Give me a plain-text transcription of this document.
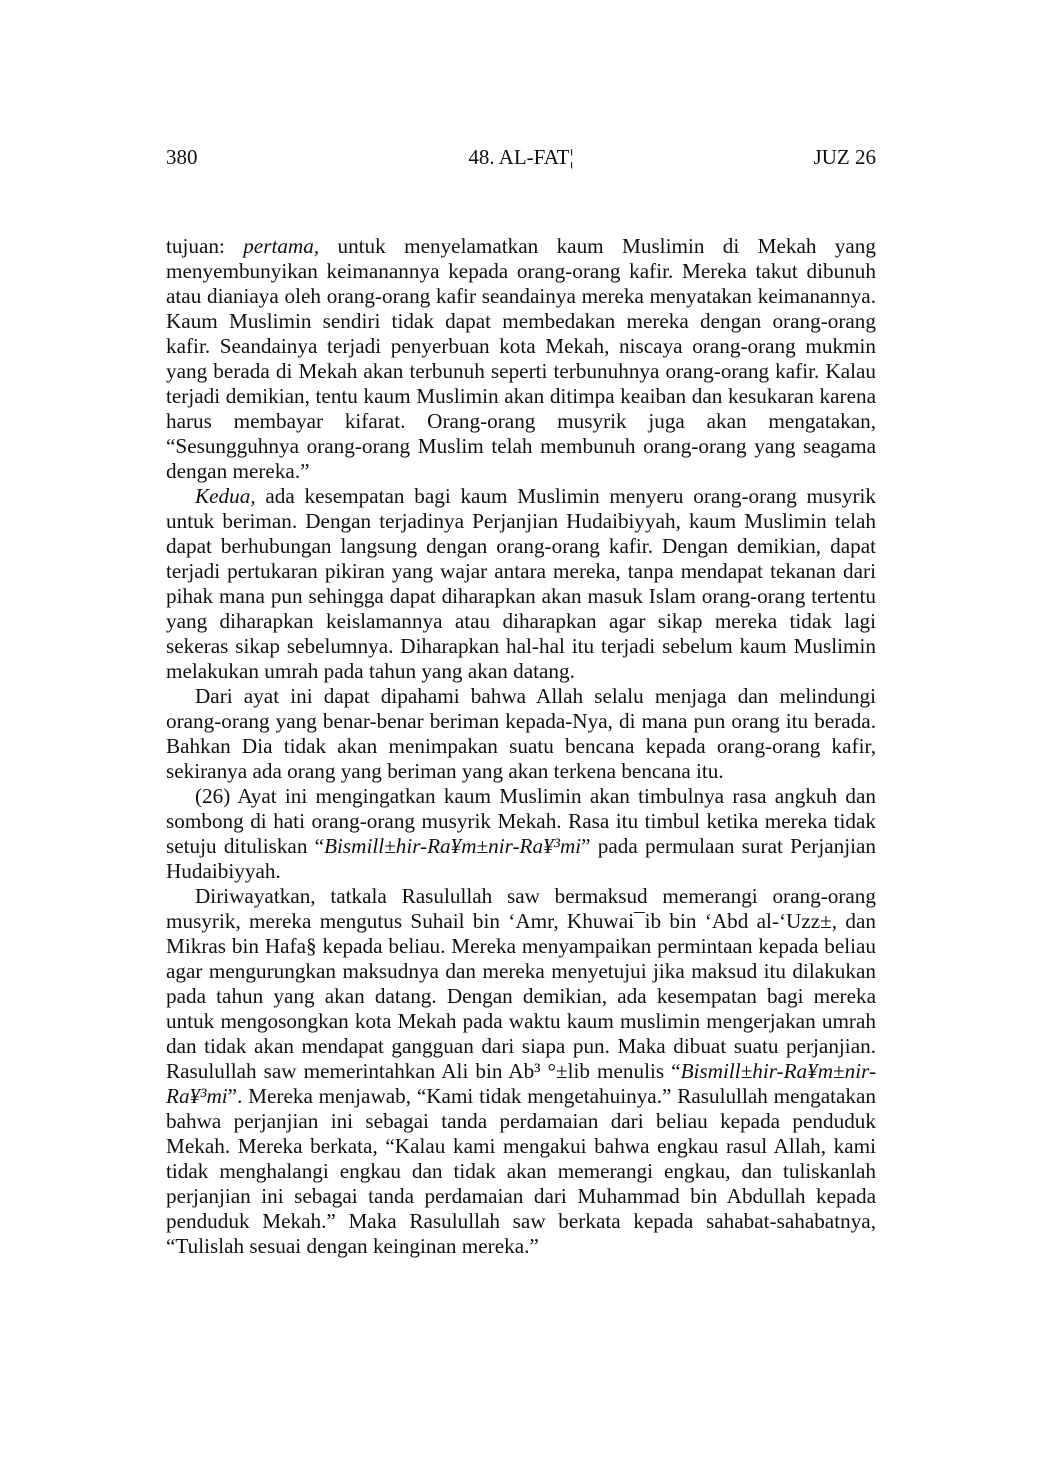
380	48. AL-FAT¦	JUZ 26

tujuan: pertama, untuk menyelamatkan kaum Muslimin di Mekah yang menyembunyikan keimanannya kepada orang-orang kafir. Mereka takut dibunuh atau dianiaya oleh orang-orang kafir seandainya mereka menyatakan keimanannya. Kaum Muslimin sendiri tidak dapat membedakan mereka dengan orang-orang kafir. Seandainya terjadi penyerbuan kota Mekah, niscaya orang-orang mukmin yang berada di Mekah akan terbunuh seperti terbunuhnya orang-orang kafir. Kalau terjadi demikian, tentu kaum Muslimin akan ditimpa keaiban dan kesukaran karena harus membayar kifarat. Orang-orang musyrik juga akan mengatakan, “Sesungguhnya orang-orang Muslim telah membunuh orang-orang yang seagama dengan mereka.”

Kedua, ada kesempatan bagi kaum Muslimin menyeru orang-orang musyrik untuk beriman. Dengan terjadinya Perjanjian Hudaibiyyah, kaum Muslimin telah dapat berhubungan langsung dengan orang-orang kafir. Dengan demikian, dapat terjadi pertukaran pikiran yang wajar antara mereka, tanpa mendapat tekanan dari pihak mana pun sehingga dapat diharapkan akan masuk Islam orang-orang tertentu yang diharapkan keislamannya atau diharapkan agar sikap mereka tidak lagi sekeras sikap sebelumnya. Diharapkan hal-hal itu terjadi sebelum kaum Muslimin melakukan umrah pada tahun yang akan datang.

Dari ayat ini dapat dipahami bahwa Allah selalu menjaga dan melindungi orang-orang yang benar-benar beriman kepada-Nya, di mana pun orang itu berada. Bahkan Dia tidak akan menimpakan suatu bencana kepada orang-orang kafir, sekiranya ada orang yang beriman yang akan terkena bencana itu.

(26) Ayat ini mengingatkan kaum Muslimin akan timbulnya rasa angkuh dan sombong di hati orang-orang musyrik Mekah. Rasa itu timbul ketika mereka tidak setuju dituliskan “Bismill±hir-Ra¥m±nir-Ra¥³mi” pada permulaan surat Perjanjian Hudaibiyyah.

Diriwayatkan, tatkala Rasulullah saw bermaksud memerangi orang-orang musyrik, mereka mengutus Suhail bin ‘Amr, Khuwai¯ib bin ‘Abd al-‘Uzz±, dan Mikras bin Hafa§ kepada beliau. Mereka menyampaikan permintaan kepada beliau agar mengurungkan maksudnya dan mereka menyetujui jika maksud itu dilakukan pada tahun yang akan datang. Dengan demikian, ada kesempatan bagi mereka untuk mengosongkan kota Mekah pada waktu kaum muslimin mengerjakan umrah dan tidak akan mendapat gangguan dari siapa pun. Maka dibuat suatu perjanjian. Rasulullah saw memerintahkan Ali bin Ab³ °±lib menulis “Bismill±hir-Ra¥m±nir-Ra¥³mi”. Mereka menjawab, “Kami tidak mengetahuinya.” Rasulullah mengatakan bahwa perjanjian ini sebagai tanda perdamaian dari beliau kepada penduduk Mekah. Mereka berkata, “Kalau kami mengakui bahwa engkau rasul Allah, kami tidak menghalangi engkau dan tidak akan memerangi engkau, dan tuliskanlah perjanjian ini sebagai tanda perdamaian dari Muhammad bin Abdullah kepada penduduk Mekah.” Maka Rasulullah saw berkata kepada sahabat-sahabatnya, “Tulislah sesuai dengan keinginan mereka.”
